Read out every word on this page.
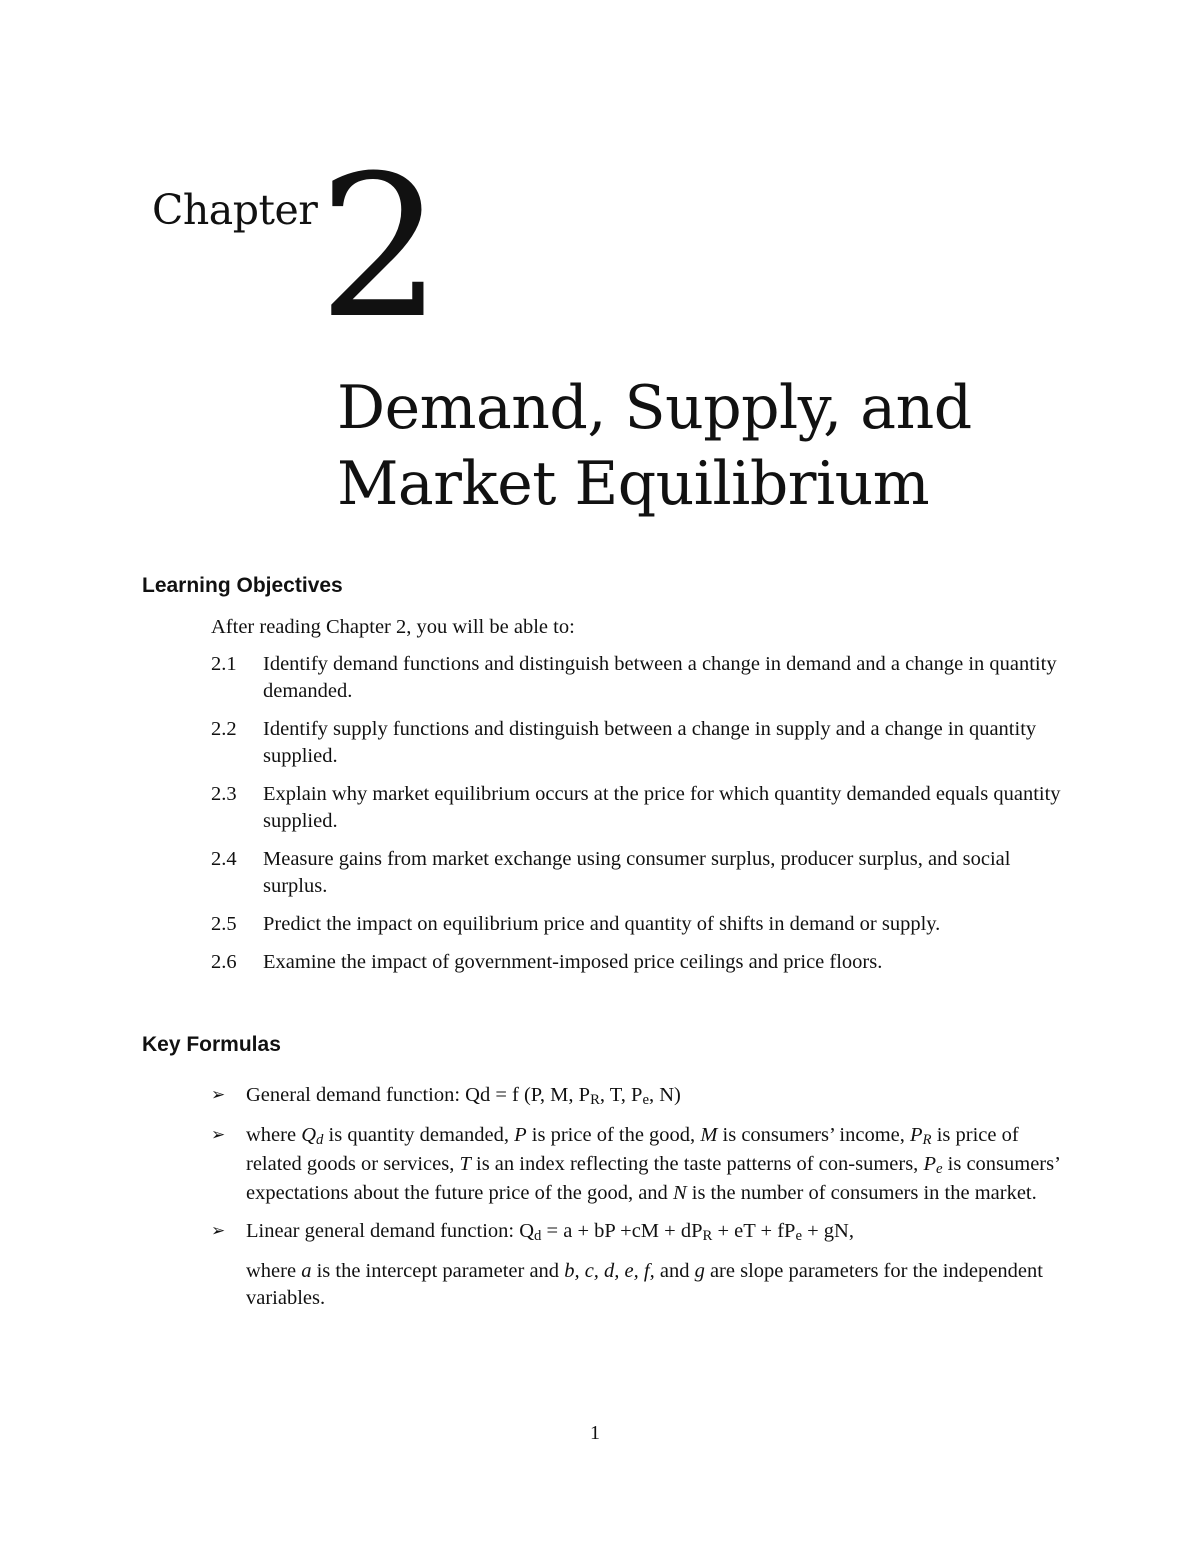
Chapter 2
Demand, Supply, and
Market Equilibrium
Learning Objectives
After reading Chapter 2, you will be able to:
2.1	Identify demand functions and distinguish between a change in demand and a change in quantity demanded.
2.2	Identify supply functions and distinguish between a change in supply and a change in quantity supplied.
2.3	Explain why market equilibrium occurs at the price for which quantity demanded equals quantity supplied.
2.4	Measure gains from market exchange using consumer surplus, producer surplus, and social surplus.
2.5	Predict the impact on equilibrium price and quantity of shifts in demand or supply.
2.6	Examine the impact of government-imposed price ceilings and price floors.
Key Formulas
➢	General demand function: Qd = f (P, M, $P_R$, T, $P_e$, N)
➢	where $Q_d$ is quantity demanded, P is price of the good, M is consumers’ income, $P_R$ is price of related goods or services, T is an index reflecting the taste patterns of con-sumers, $P_e$ is consumers’ expectations about the future price of the good, and N is the number of consumers in the market.
➢	Linear general demand function: $Q_d = a$ + bP $+cM + dP_R$ + eT + $fP_e$ + gN,
where a is the intercept parameter and b, c, d, e, f, and g are slope parameters for the independent variables.
1
